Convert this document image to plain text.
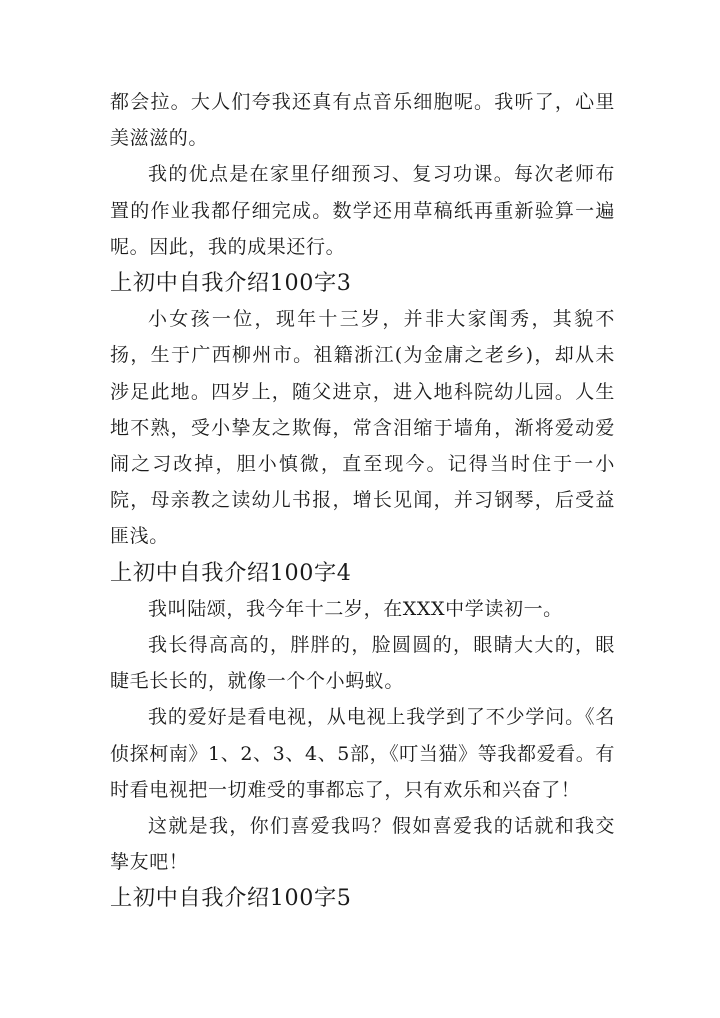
都会拉。大人们夸我还真有点音乐细胞呢。我听了，心里美滋滋的。

我的优点是在家里仔细预习、复习功课。每次老师布置的作业我都仔细完成。数学还用草稿纸再重新验算一遍呢。因此，我的成果还行。

上初中自我介绍100字3

小女孩一位，现年十三岁，并非大家闺秀，其貌不扬，生于广西柳州市。祖籍浙江(为金庸之老乡)，却从未涉足此地。四岁上，随父进京，进入地科院幼儿园。人生地不熟，受小挚友之欺侮，常含泪缩于墙角，渐将爱动爱闹之习改掉，胆小慎微，直至现今。记得当时住于一小院，母亲教之读幼儿书报，增长见闻，并习钢琴，后受益匪浅。

上初中自我介绍100字4

我叫陆颂，我今年十二岁，在XXX中学读初一。

我长得高高的，胖胖的，脸圆圆的，眼睛大大的，眼睫毛长长的，就像一个个小蚂蚁。

我的爱好是看电视，从电视上我学到了不少学问。《名侦探柯南》1、2、3、4、5部，《叮当猫》等我都爱看。有时看电视把一切难受的事都忘了，只有欢乐和兴奋了！

这就是我，你们喜爱我吗？假如喜爱我的话就和我交挚友吧！

上初中自我介绍100字5
